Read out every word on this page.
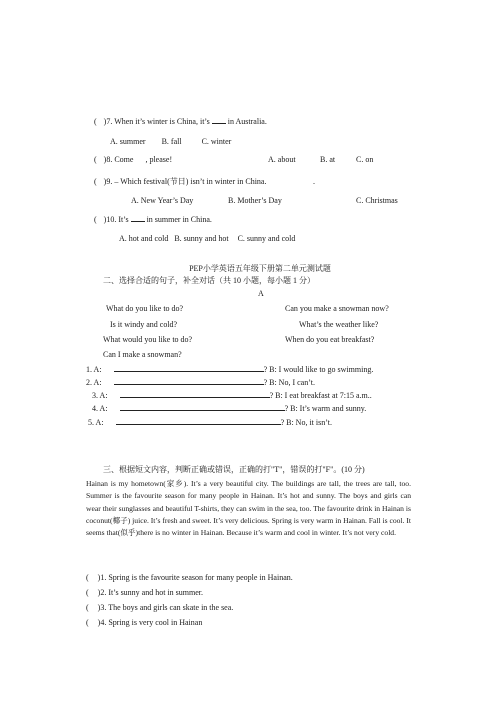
( )7. When it’s winter is China, it’s in Australia.
A. summer B. fall	C. winter
( )8. Come , please!	A. about	B. at	C. on
( )9. – Which festival(节日) isn’t in winter in China.	.
A. New Year’s Day	B. Mother’s Day	C. Christmas
( )10. It’s in summer in China.
A. hot and cold B. sunny and hot C. sunny and cold
PEP小学英语五年级下册第二单元测试题
二、选择合适的句子，补全对话（共 10 小题，每小题 1 分）
A
What do you like to do?	Can you make a snowman now?
Is it windy and cold?	What’s the weather like?
What would you like to do?	When do you eat breakfast?
Can I make a snowman?
1. A:	? B: I would like to go swimming.
2. A:	? B: No, I can’t.
3. A:	? B: I eat breakfast at 7:15 a.m..
4. A:	? B: It’s warm and sunny.
5. A:	? B: No, it isn’t.
三、根据短文内容，判断正确或错误，正确的打"T"，错误的打"F"。(10 分)
Hainan is my hometown(家乡). It’s a very beautiful city. The buildings are tall, the trees are tall, too. Summer is the favourite season for many people in Hainan. It’s hot and sunny. The boys and girls can wear their sunglasses and beautiful T-shirts, they can swim in the sea, too. The favourite drink in Hainan is coconut(椰子) juice. It’s fresh and sweet. It’s very delicious. Spring is very warm in Hainan. Fall is cool. It seems that(似乎)there is no winter in Hainan. Because it’s warm and cool in winter. It’s not very cold.
( )1. Spring is the favourite season for many people in Hainan.
( )2. It’s sunny and hot in summer.
( )3. The boys and girls can skate in the sea.
( )4. Spring is very cool in Hainan
